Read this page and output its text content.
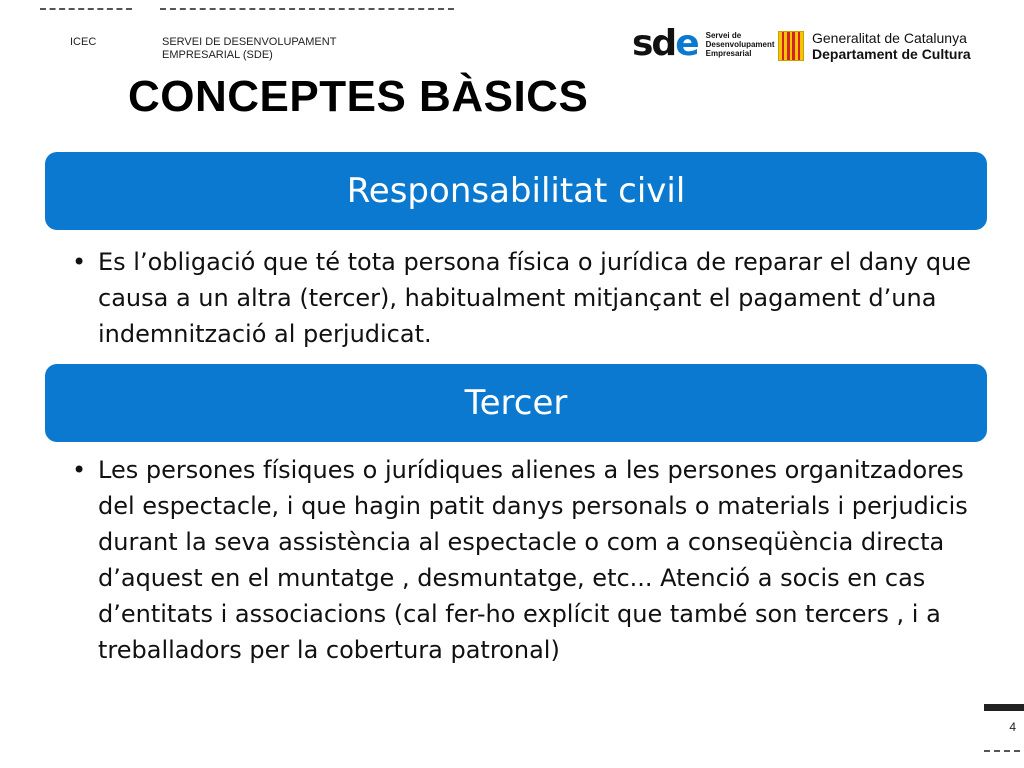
ICEC	SERVEI DE DESENVOLUPAMENT
EMPRESARIAL (SDE)	sde Servei de
Desenvolupament
Empresarial
Generalitat de Catalunya
Departament de Cultura
CONCEPTES BÀSICS
Responsabilitat civil
• Es l’obligació que té tota persona física o jurídica de reparar el dany que causa a un altra (tercer), habitualment mitjançant el pagament d’una indemnització al perjudicat.
Tercer
• Les persones físiques o jurídiques alienes a les persones organitzadores del espectacle, i que hagin patit danys personals o materials i perjudicis durant la seva assistència al espectacle o com a conseqüència directa d’aquest en el muntatge , desmuntatge, etc... Atenció a socis en cas d’entitats i associacions (cal fer-ho explícit que també son tercers , i a treballadors per la cobertura patronal)
4
